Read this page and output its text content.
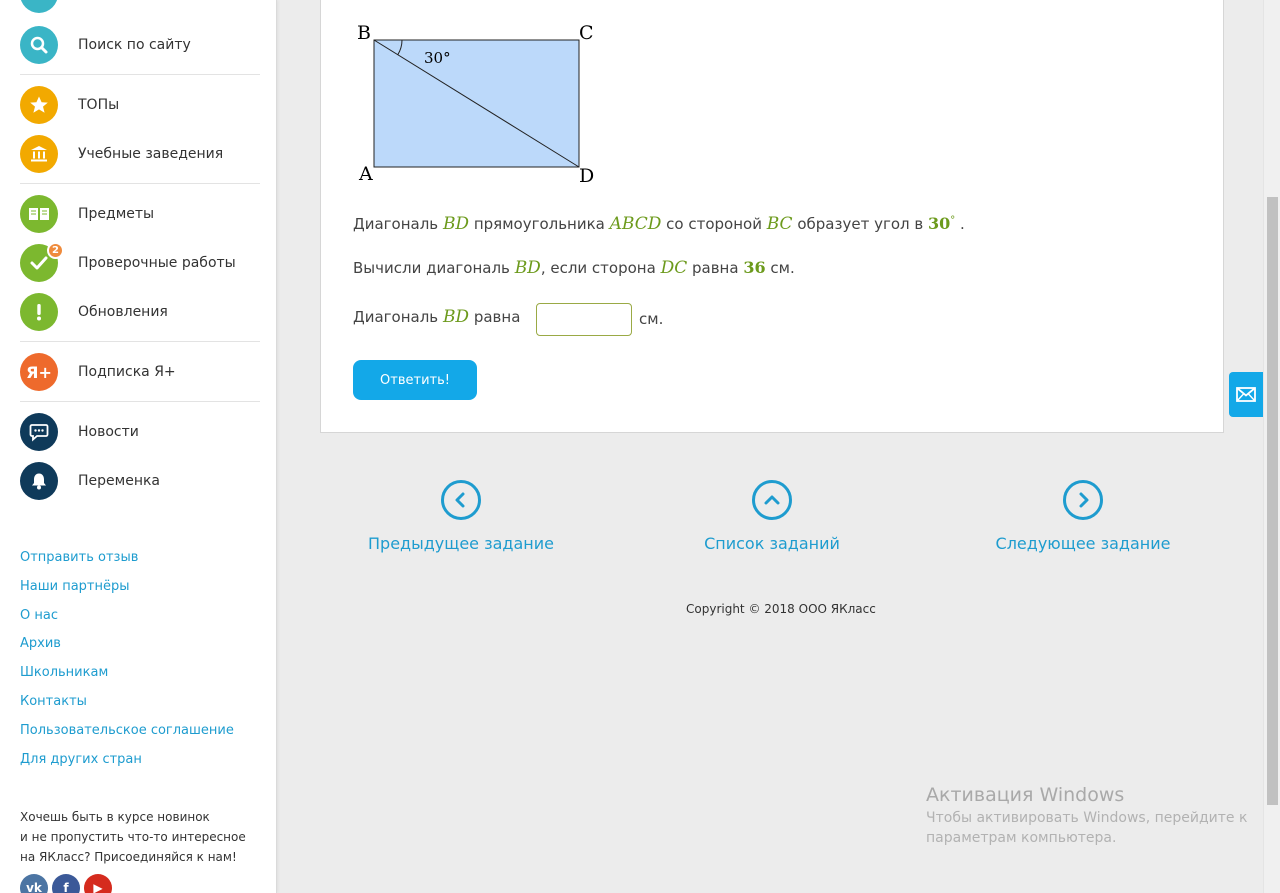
Поиск по сайту
ТОПы
Учебные заведения
Предметы
2
Проверочные работы
Обновления
Я+ Подписка Я+
Новости
Переменка
Отправить отзыв
Наши партнёры
О нас
Архив
Школьникам
Контакты
Пользовательское соглашение
Для других стран
Хочешь быть в курсе новинок
и не пропустить что-то интересное
на ЯКласс? Присоединяйся к нам!
vk f ▶
30°
B	C
A	D
Диагональ BD прямоугольника ABCD со стороной BC образует угол в 30° .
Вычисли диагональ BD, если сторона DC равна 36 см.
Диагональ BD равна	см.
Ответить!
Предыдущее задание	Список заданий	Следующее задание
Copyright © 2018 ООО ЯКласс
Активация Windows
Чтобы активировать Windows, перейдите к
параметрам компьютера.
